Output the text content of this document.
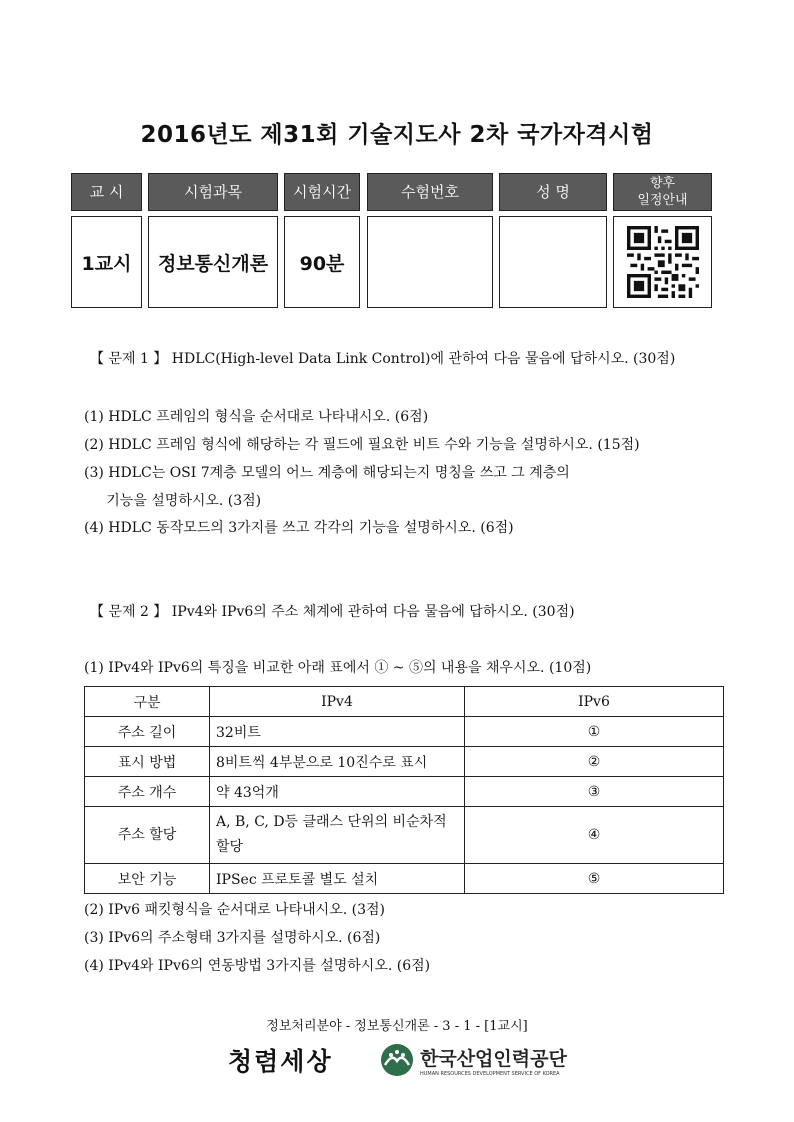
2016년도 제31회 기술지도사 2차 국가자격시험
교 시	시험과목	시험시간	수험번호	성 명	향후
일정안내
1교시	정보통신개론	90분
【 문제 1 】 HDLC(High-level Data Link Control)에 관하여 다음 물음에 답하시오. (30점)
(1) HDLC 프레임의 형식을 순서대로 나타내시오. (6점)
(2) HDLC 프레임 형식에 해당하는 각 필드에 필요한 비트 수와 기능을 설명하시오. (15점)
(3) HDLC는 OSI 7계층 모델의 어느 계층에 해당되는지 명칭을 쓰고 그 계층의
기능을 설명하시오. (3점)
(4) HDLC 동작모드의 3가지를 쓰고 각각의 기능을 설명하시오. (6점)
【 문제 2 】 IPv4와 IPv6의 주소 체계에 관하여 다음 물음에 답하시오. (30점)
(1) IPv4와 IPv6의 특징을 비교한 아래 표에서 ① ~ ⑤의 내용을 채우시오. (10점)
구분	IPv4	IPv6
주소 길이	32비트	①
표시 방법	8비트씩 4부분으로 10진수로 표시	②
주소 개수	약 43억개	③
주소 할당	A, B, C, D등 클래스 단위의 비순차적 할당	④
보안 기능	IPSec 프로토콜 별도 설치	⑤
(2) IPv6 패킷형식을 순서대로 나타내시오. (3점)
(3) IPv6의 주소형태 3가지를 설명하시오. (6점)
(4) IPv4와 IPv6의 연동방법 3가지를 설명하시오. (6점)
정보처리분야 - 정보통신개론 - 3 - 1 - [1교시]
청렴세상	한국산업인력공단
HUMAN RESOURCES DEVELOPMENT SERVICE OF KOREA
